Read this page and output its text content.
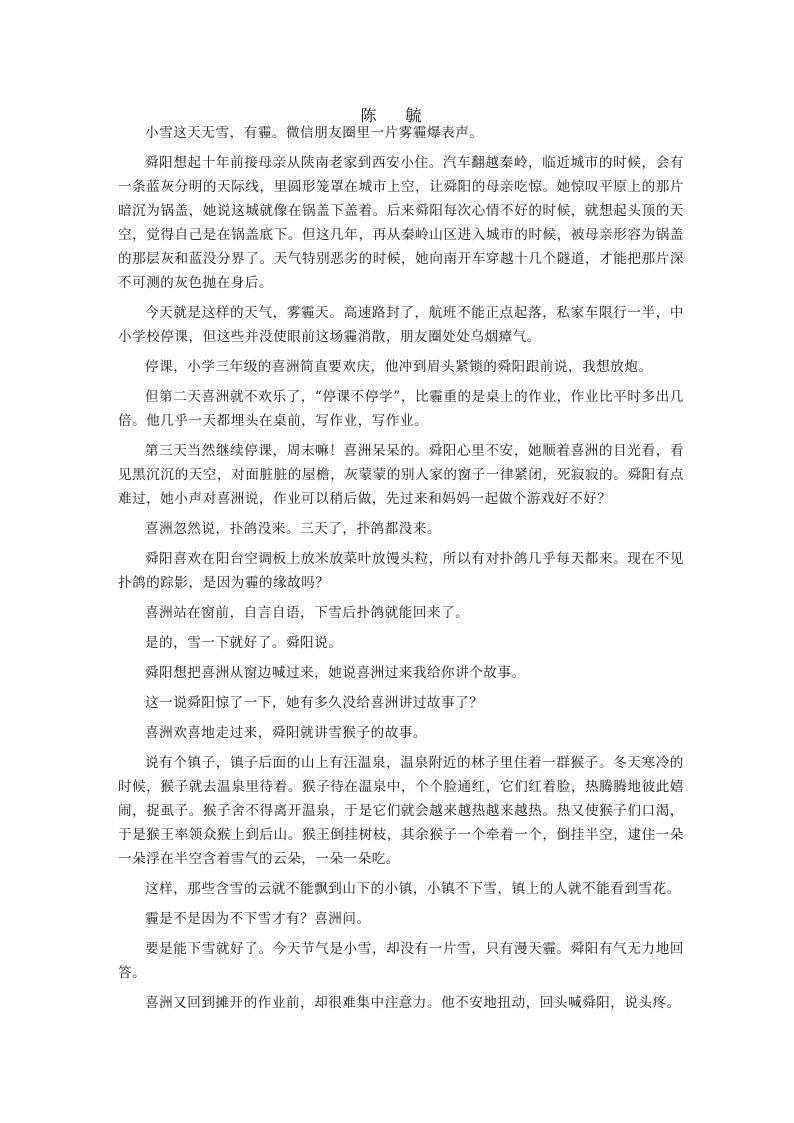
陈 毓

小雪这天无雪，有霾。微信朋友圈里一片雾霾爆表声。

舜阳想起十年前接母亲从陕南老家到西安小住。汽车翻越秦岭，临近城市的时候，会有一条蓝灰分明的天际线，里圆形笼罩在城市上空，让舜阳的母亲吃惊。她惊叹平原上的那片暗沉为锅盖，她说这城就像在锅盖下盖着。后来舜阳每次心情不好的时候，就想起头顶的天空，觉得自己是在锅盖底下。但这几年，再从秦岭山区进入城市的时候，被母亲形容为锅盖的那层灰和蓝没分界了。天气特别恶劣的时候，她向南开车穿越十几个隧道，才能把那片深不可测的灰色抛在身后。

今天就是这样的天气，雾霾天。高速路封了，航班不能正点起落，私家车限行一半，中小学校停课，但这些并没使眼前这场霾消散，朋友圈处处乌烟瘴气。

停课，小学三年级的喜洲简直要欢庆，他冲到眉头紧锁的舜阳跟前说，我想放炮。

但第二天喜洲就不欢乐了，“停课不停学”，比霾重的是桌上的作业，作业比平时多出几倍。他几乎一天都埋头在桌前，写作业，写作业。

第三天当然继续停课，周末嘛！喜洲呆呆的。舜阳心里不安，她顺着喜洲的目光看，看见黑沉沉的天空，对面脏脏的屋檐，灰蒙蒙的别人家的窗子一律紧闭，死寂寂的。舜阳有点难过，她小声对喜洲说，作业可以稍后做，先过来和妈妈一起做个游戏好不好？

喜洲忽然说，扑鸽没来。三天了，扑鸽都没来。

舜阳喜欢在阳台空调板上放米放菜叶放馒头粒，所以有对扑鸽几乎每天都来。现在不见扑鸽的踪影，是因为霾的缘故吗？

喜洲站在窗前，自言自语，下雪后扑鸽就能回来了。

是的，雪一下就好了。舜阳说。

舜阳想把喜洲从窗边喊过来，她说喜洲过来我给你讲个故事。

这一说舜阳惊了一下，她有多久没给喜洲讲过故事了？

喜洲欢喜地走过来，舜阳就讲雪猴子的故事。

说有个镇子，镇子后面的山上有汪温泉，温泉附近的林子里住着一群猴子。冬天寒冷的时候，猴子就去温泉里待着。猴子待在温泉中，个个脸通红，它们红着脸，热腾腾地彼此嬉闹，捉虱子。猴子舍不得离开温泉，于是它们就会越来越热越来越热。热又使猴子们口渴，于是猴王率领众猴上到后山。猴王倒挂树枝，其余猴子一个牵着一个，倒挂半空，逮住一朵一朵浮在半空含着雪气的云朵，一朵一朵吃。

这样，那些含雪的云就不能飘到山下的小镇，小镇不下雪，镇上的人就不能看到雪花。

霾是不是因为不下雪才有？喜洲问。

要是能下雪就好了。今天节气是小雪，却没有一片雪，只有漫天霾。舜阳有气无力地回答。

喜洲又回到摊开的作业前，却很难集中注意力。他不安地扭动，回头喊舜阳，说头疼。
